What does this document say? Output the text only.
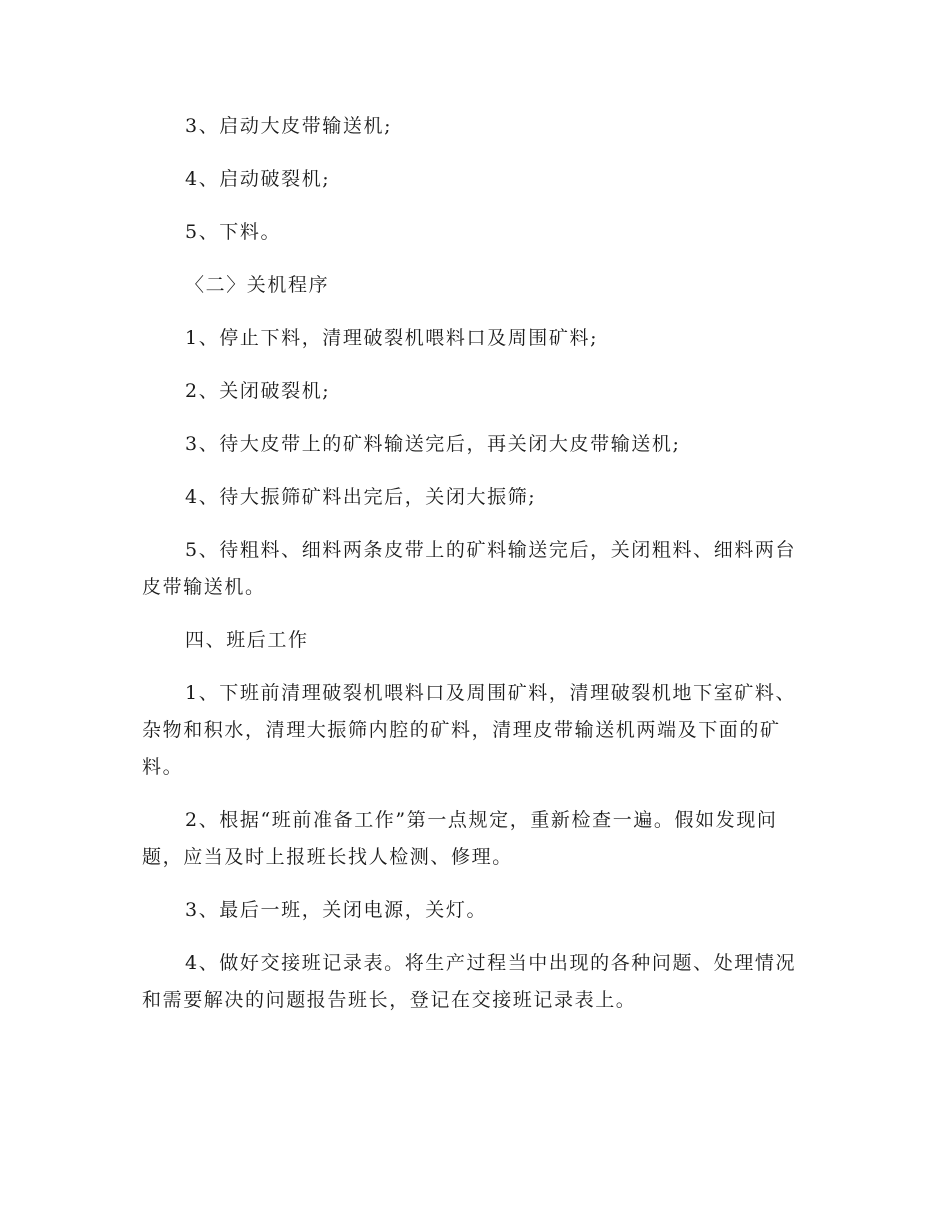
3、启动大皮带输送机;

4、启动破裂机;

5、下料。

〈二〉关机程序

1、停止下料，清理破裂机喂料口及周围矿料;

2、关闭破裂机;

3、待大皮带上的矿料输送完后，再关闭大皮带输送机;

4、待大振筛矿料出完后，关闭大振筛;

5、待粗料、细料两条皮带上的矿料输送完后，关闭粗料、细料两台皮带输送机。

四、班后工作

1、下班前清理破裂机喂料口及周围矿料，清理破裂机地下室矿料、杂物和积水，清理大振筛内腔的矿料，清理皮带输送机两端及下面的矿料。

2、根据“班前准备工作”第一点规定，重新检查一遍。假如发现问题，应当及时上报班长找人检测、修理。

3、最后一班，关闭电源，关灯。

4、做好交接班记录表。将生产过程当中出现的各种问题、处理情况和需要解决的问题报告班长，登记在交接班记录表上。
